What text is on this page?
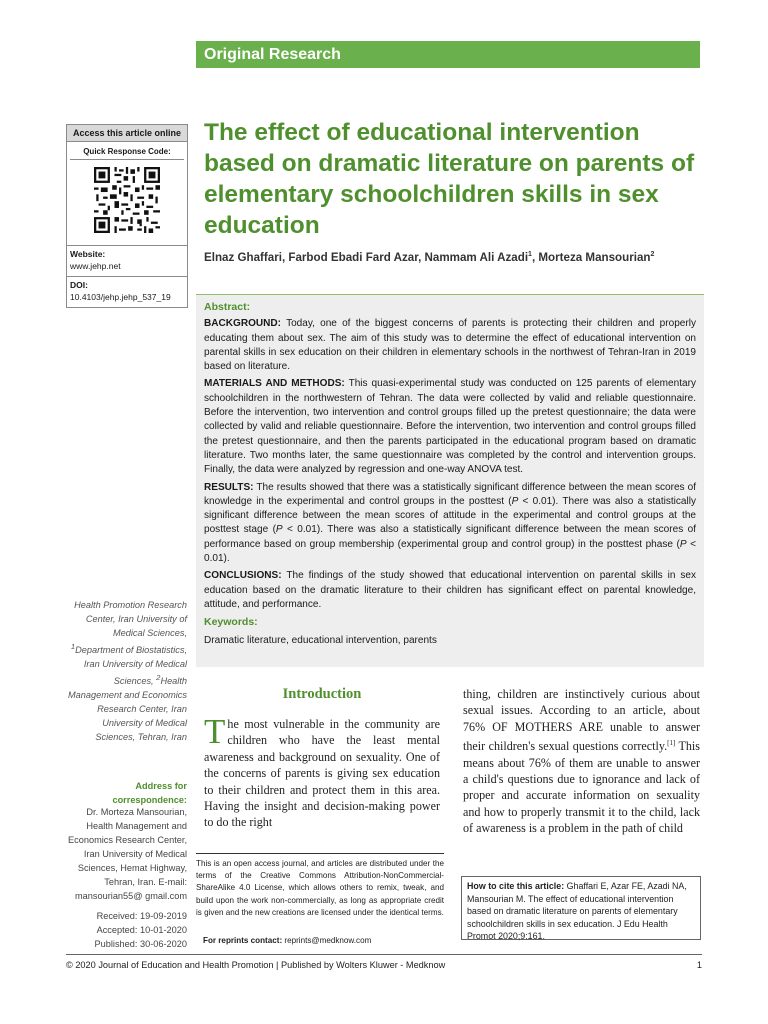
Original Research
Access this article online
Quick Response Code:
Website:
www.jehp.net
DOI:
10.4103/jehp.jehp_537_19
The effect of educational intervention based on dramatic literature on parents of elementary schoolchildren skills in sex education
Elnaz Ghaffari, Farbod Ebadi Fard Azar, Nammam Ali Azadi$^1$, Morteza Mansourian$^2$
Abstract:

BACKGROUND: Today, one of the biggest concerns of parents is protecting their children and properly educating them about sex. The aim of this study was to determine the effect of educational intervention on parental skills in sex education on their children in elementary schools in the northwest of Tehran-Iran in 2019 based on literature.

MATERIALS AND METHODS: This quasi-experimental study was conducted on 125 parents of elementary schoolchildren in the northwestern of Tehran. The data were collected by valid and reliable questionnaire. Before the intervention, two intervention and control groups filled up the pretest questionnaire; the data were collected by valid and reliable questionnaire. Before the intervention, two intervention and control groups filled the pretest questionnaire, and then the parents participated in the educational program based on dramatic literature. Two months later, the same questionnaire was completed by the control and intervention groups. Finally, the data were analyzed by regression and one-way ANOVA test.

RESULTS: The results showed that there was a statistically significant difference between the mean scores of knowledge in the experimental and control groups in the posttest (P < 0.01). There was also a statistically significant difference between the mean scores of attitude in the experimental and control groups at the posttest stage (P < 0.01). There was also a statistically significant difference between the mean scores of performance based on group membership (experimental group and control group) in the posttest phase (P < 0.01).

CONCLUSIONS: The findings of the study showed that educational intervention on parental skills in sex education based on the dramatic literature to their children has significant effect on parental knowledge, attitude, and performance.

Keywords:

Dramatic literature, educational intervention, parents

Health Promotion Research Center, Iran University of Medical Sciences, $^1$Department of Biostatistics, Iran University of Medical Sciences, $^2$Health Management and Economics Research Center, Iran University of Medical Sciences, Tehran, Iran
Address for correspondence:
Dr. Morteza Mansourian, Health Management and Economics Research Center, Iran University of Medical Sciences, Hemat Highway, Tehran, Iran. E-mail: mansourian55@ gmail.com
Received: 19-09-2019
Accepted: 10-01-2020
Published: 30-06-2020
Introduction
The most vulnerable in the community are children who have the least mental awareness and background on sexuality. One of the concerns of parents is giving sex education to their children and protect them in this area. Having the insight and decision-making power to do the right
thing, children are instinctively curious about sexual issues. According to an article, about 76% OF MOTHERS ARE unable to answer their children's sexual questions correctly.[1] This means about 76% of them are unable to answer a child's questions due to ignorance and lack of proper and accurate information on sexuality and how to properly transmit it to the child, lack of awareness is a problem in the path of child
This is an open access journal, and articles are distributed under the terms of the Creative Commons Attribution-NonCommercial-ShareAlike 4.0 License, which allows others to remix, tweak, and build upon the work non-commercially, as long as appropriate credit is given and the new creations are licensed under the identical terms.
For reprints contact: reprints@medknow.com
How to cite this article: Ghaffari E, Azar FE, Azadi NA, Mansourian M. The effect of educational intervention based on dramatic literature on parents of elementary schoolchildren skills in sex education. J Edu Health Promot 2020;9:161.
© 2020 Journal of Education and Health Promotion | Published by Wolters Kluwer - Medknow	1
